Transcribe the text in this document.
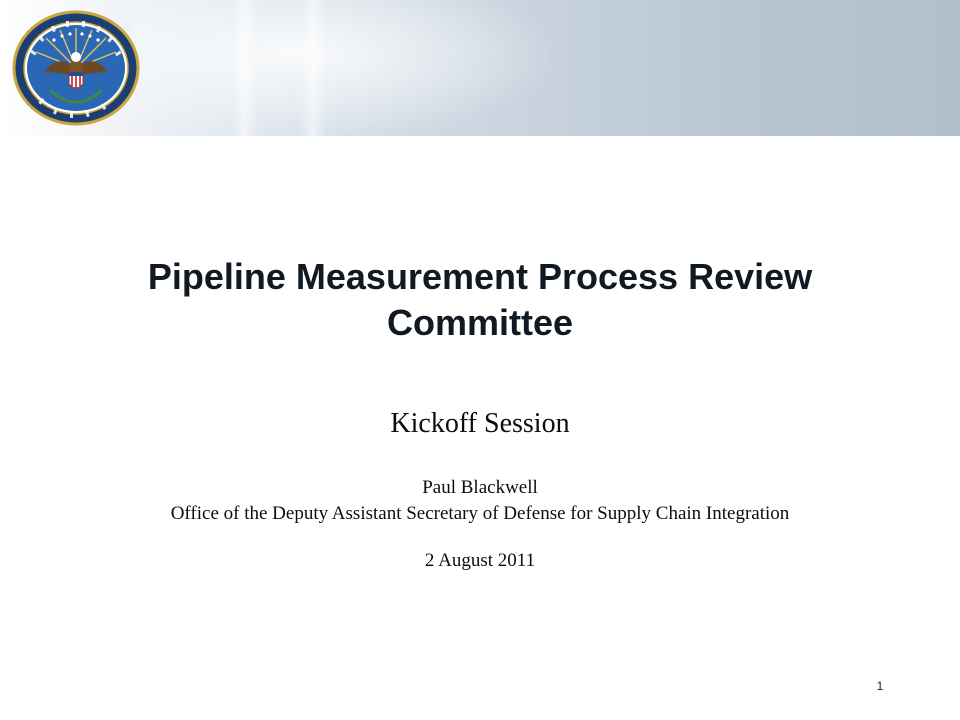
Pipeline Measurement Process Review Committee
Kickoff Session
Paul Blackwell
Office of the Deputy Assistant Secretary of Defense for Supply Chain Integration
2 August 2011
1
